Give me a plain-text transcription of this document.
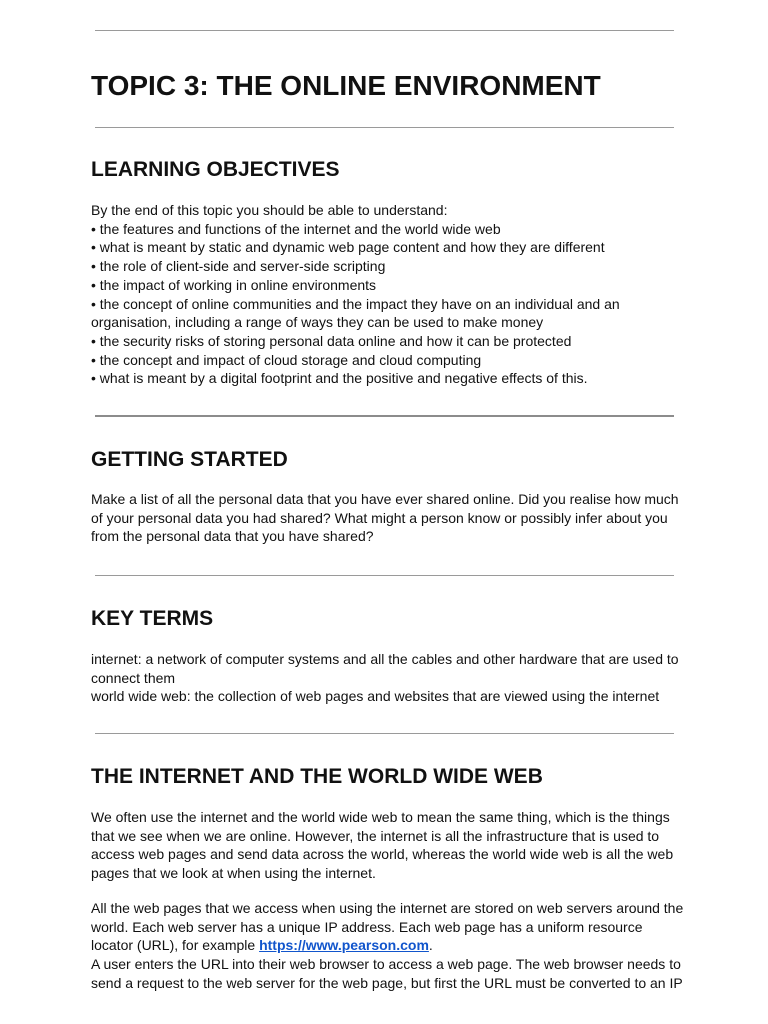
TOPIC 3: THE ONLINE ENVIRONMENT
LEARNING OBJECTIVES
By the end of this topic you should be able to understand:
• the features and functions of the internet and the world wide web
• what is meant by static and dynamic web page content and how they are different
• the role of client-side and server-side scripting
• the impact of working in online environments
• the concept of online communities and the impact they have on an individual and an
organisation, including a range of ways they can be used to make money
• the security risks of storing personal data online and how it can be protected
• the concept and impact of cloud storage and cloud computing
• what is meant by a digital footprint and the positive and negative effects of this.
GETTING STARTED
Make a list of all the personal data that you have ever shared online. Did you realise how much
of your personal data you had shared? What might a person know or possibly infer about you
from the personal data that you have shared?
KEY TERMS
internet: a network of computer systems and all the cables and other hardware that are used to
connect them
world wide web: the collection of web pages and websites that are viewed using the internet
THE INTERNET AND THE WORLD WIDE WEB
We often use the internet and the world wide web to mean the same thing, which is the things
that we see when we are online. However, the internet is all the infrastructure that is used to
access web pages and send data across the world, whereas the world wide web is all the web
pages that we look at when using the internet.
All the web pages that we access when using the internet are stored on web servers around the
world. Each web server has a unique IP address. Each web page has a uniform resource
locator (URL), for example https://www.pearson.com.
A user enters the URL into their web browser to access a web page. The web browser needs to
send a request to the web server for the web page, but first the URL must be converted to an IP
